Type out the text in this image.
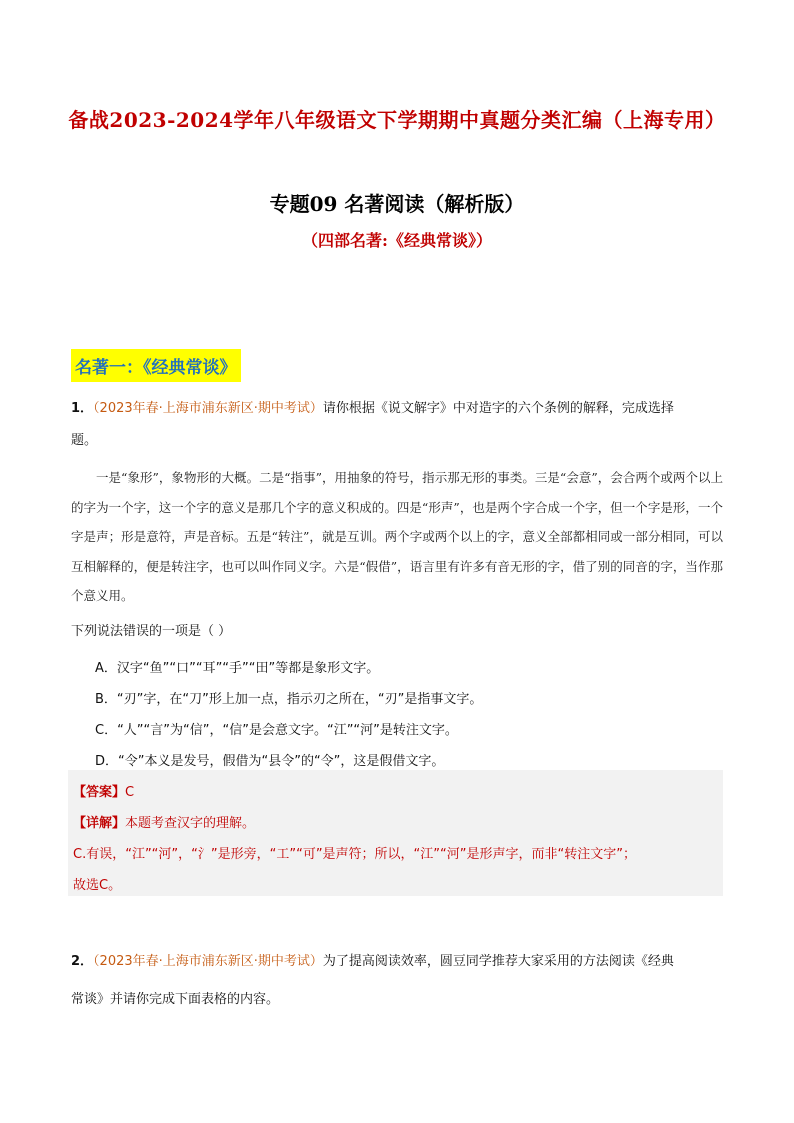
备战2023-2024学年八年级语文下学期期中真题分类汇编（上海专用）
专题09 名著阅读（解析版）
（四部名著:《经典常谈》）
名著一：《经典常谈》
1．（2023年春·上海市浦东新区·期中考试）请你根据《说文解字》中对造字的六个条例的解释，完成选择
题。
一是“象形”，象物形的大概。二是“指事”，用抽象的符号，指示那无形的事类。三是“会意”，会合两个或两个以上的字为一个字，这一个字的意义是那几个字的意义积成的。四是“形声”，也是两个字合成一个字，但一个字是形，一个字是声；形是意符，声是音标。五是“转注”，就是互训。两个字或两个以上的字，意义全部都相同或一部分相同，可以互相解释的，便是转注字，也可以叫作同义字。六是“假借”，语言里有许多有音无形的字，借了别的同音的字，当作那个意义用。
下列说法错误的一项是（ ）
A．汉字“鱼”“口”“耳”“手”“田”等都是象形文字。
B．“刃”字，在“刀”形上加一点，指示刃之所在，“刃”是指事文字。
C．“人”“言”为“信”，“信”是会意文字。“江”“河”是转注文字。
D．“令”本义是发号，假借为“县令”的“令”，这是假借文字。
【答案】C
【详解】本题考查汉字的理解。
C.有误，“江”“河”，“氵”是形旁，“工”“可”是声符；所以，“江”“河”是形声字，而非“转注文字”；
故选C。
2．（2023年春·上海市浦东新区·期中考试）为了提高阅读效率，圆豆同学推荐大家采用的方法阅读《经典
常谈》并请你完成下面表格的内容。
